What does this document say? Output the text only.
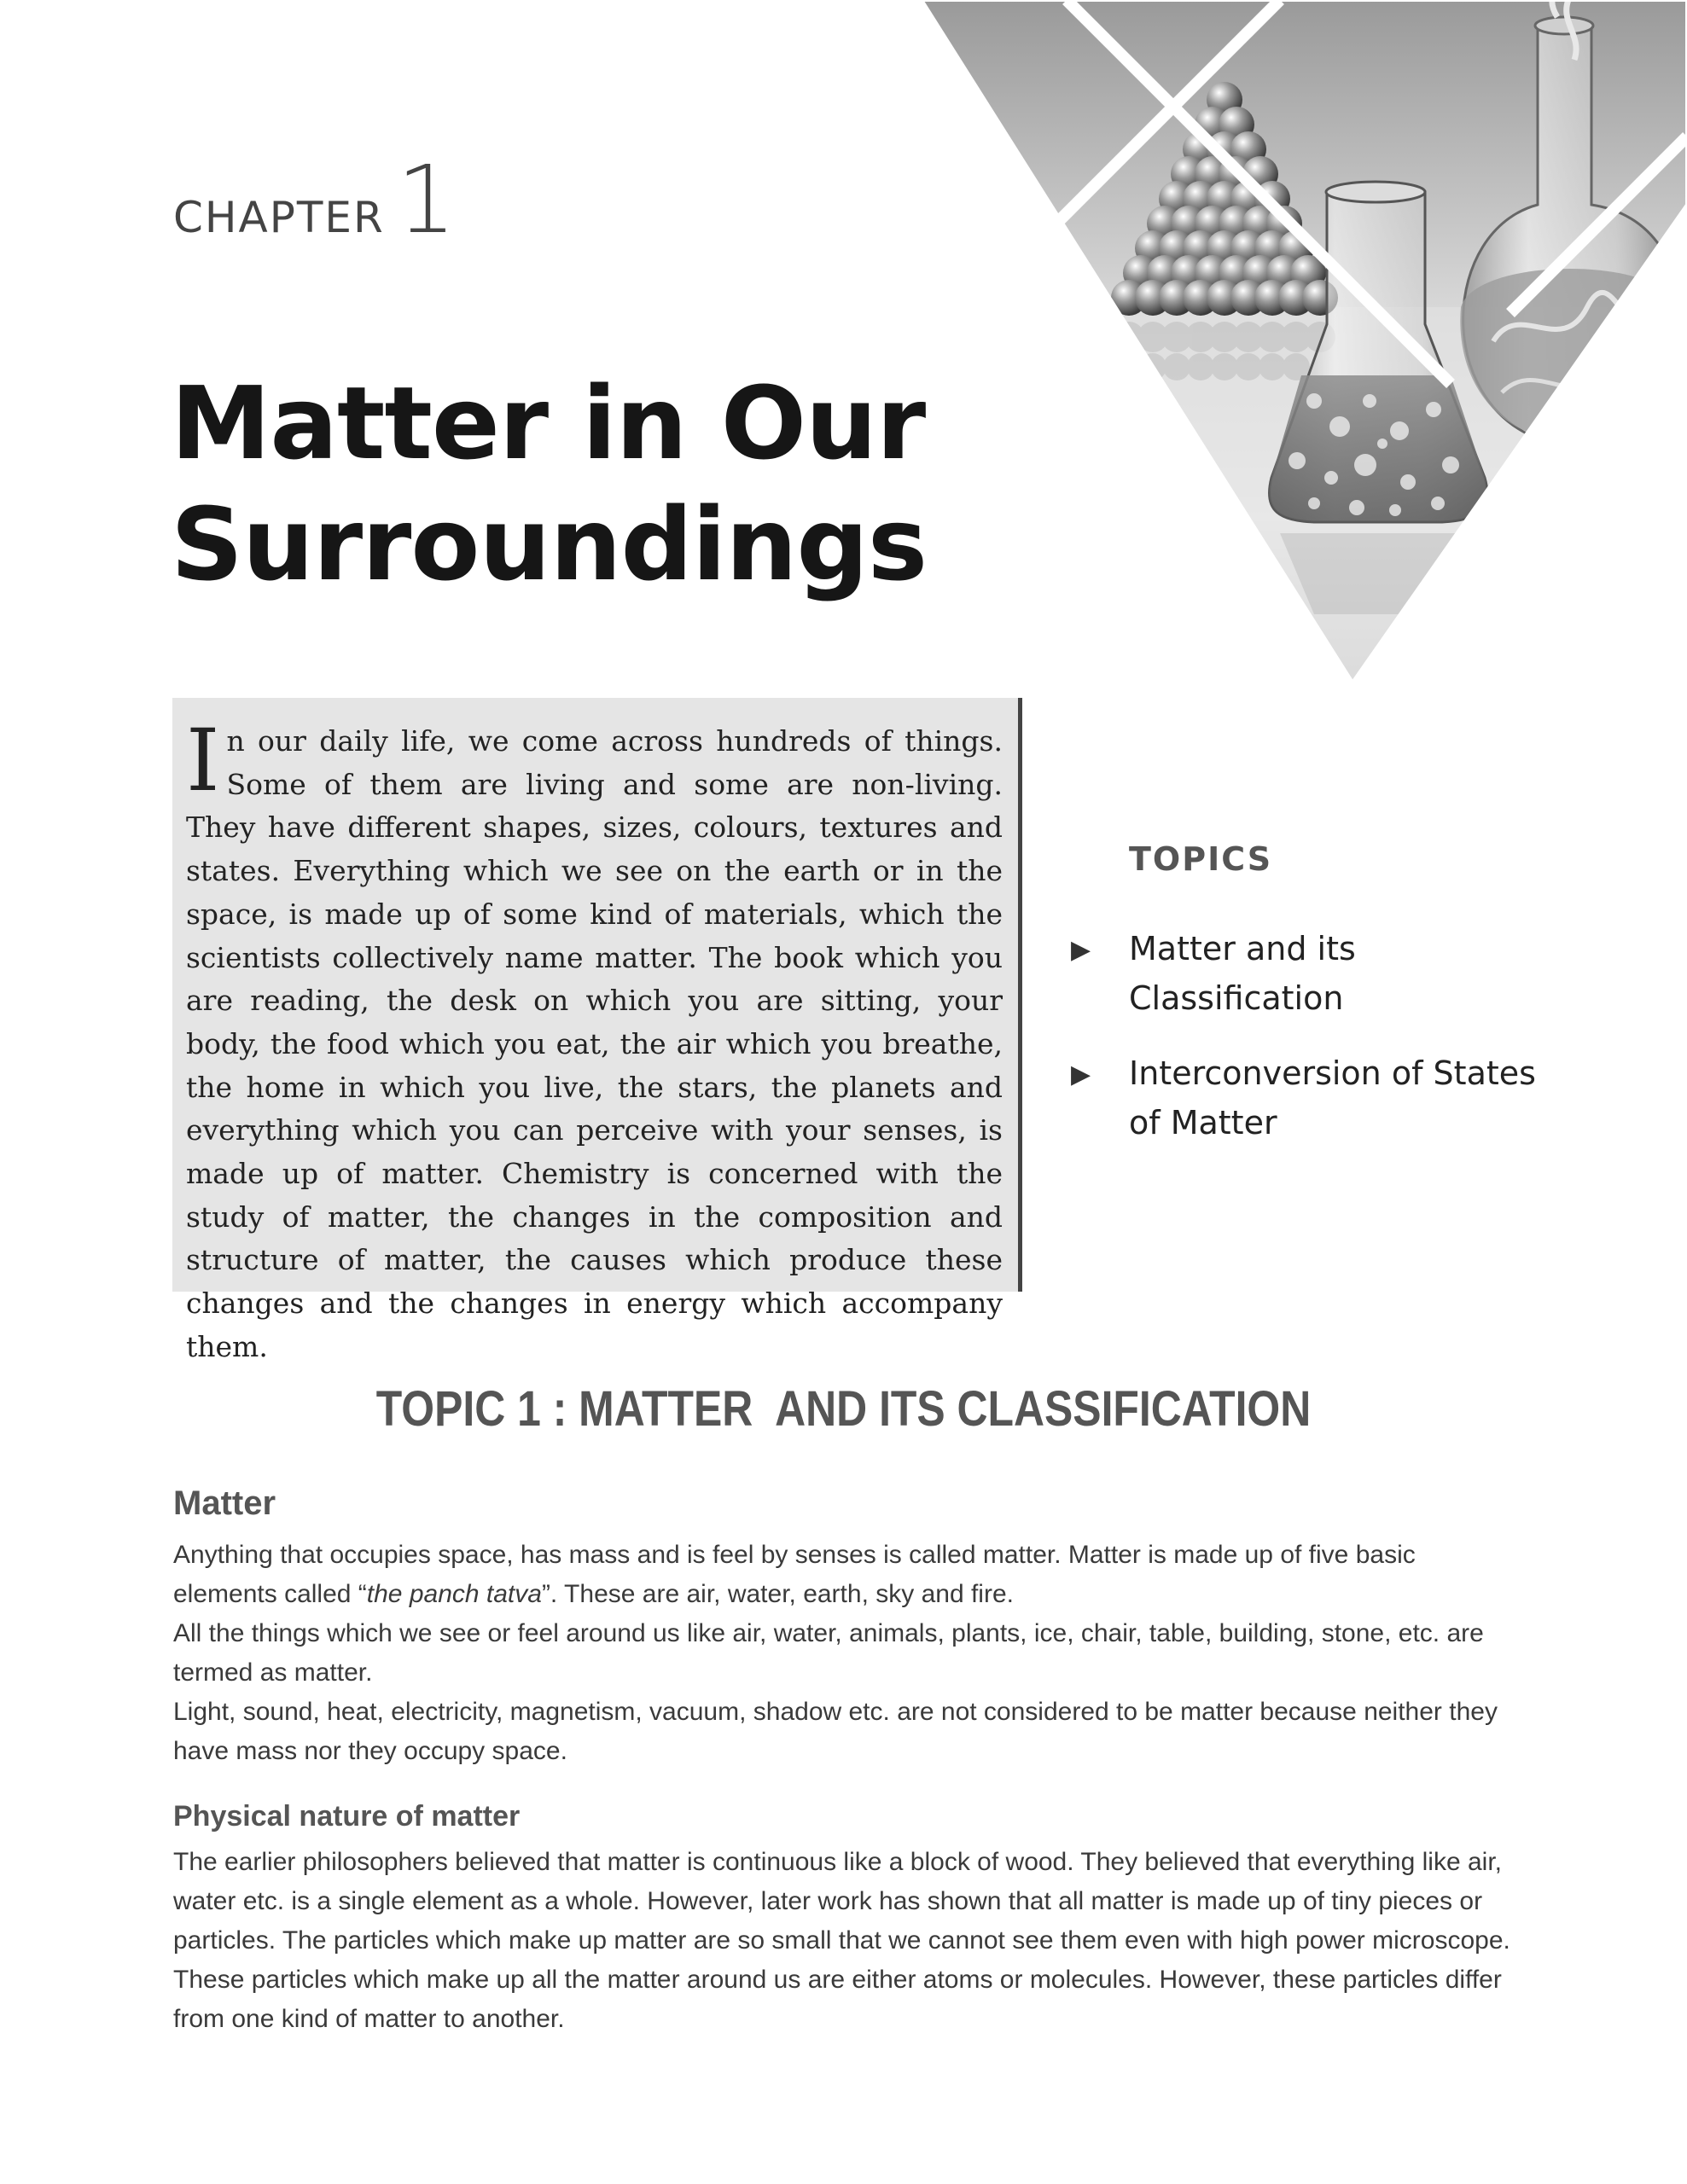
CHAPTER 1
Matter in Our
Surroundings

In our daily life, we come across hundreds of things. Some of them are living and some are non-living. They have different shapes, sizes, colours, textures and states. Everything which we see on the earth or in the space, is made up of some kind of materials, which the scientists collectively name matter. The book which you are reading, the desk on which you are sitting, your body, the food which you eat, the air which you breathe, the home in which you live, the stars, the planets and everything which you can perceive with your senses, is made up of matter. Chemistry is concerned with the study of matter, the changes in the composition and structure of matter, the causes which produce these changes and the changes in energy which accompany them.

TOPICS
▶ Matter and its Classification
▶ Interconversion of States of Matter
TOPIC 1 : MATTER  AND ITS CLASSIFICATION
Matter

Anything that occupies space, has mass and is feel by senses is called matter. Matter is made up of five basic elements called “the panch tatva”. These are air, water, earth, sky and fire.

All the things which we see or feel around us like air, water, animals, plants, ice, chair, table, building, stone, etc. are termed as matter.

Light, sound, heat, electricity, magnetism, vacuum, shadow etc. are not considered to be matter because neither they have mass nor they occupy space.

Physical nature of matter

The earlier philosophers believed that matter is continuous like a block of wood. They believed that everything like air, water etc. is a single element as a whole. However, later work has shown that all matter is made up of tiny pieces or particles. The particles which make up matter are so small that we cannot see them even with high power microscope.

These particles which make up all the matter around us are either atoms or molecules. However, these particles differ from one kind of matter to another.
